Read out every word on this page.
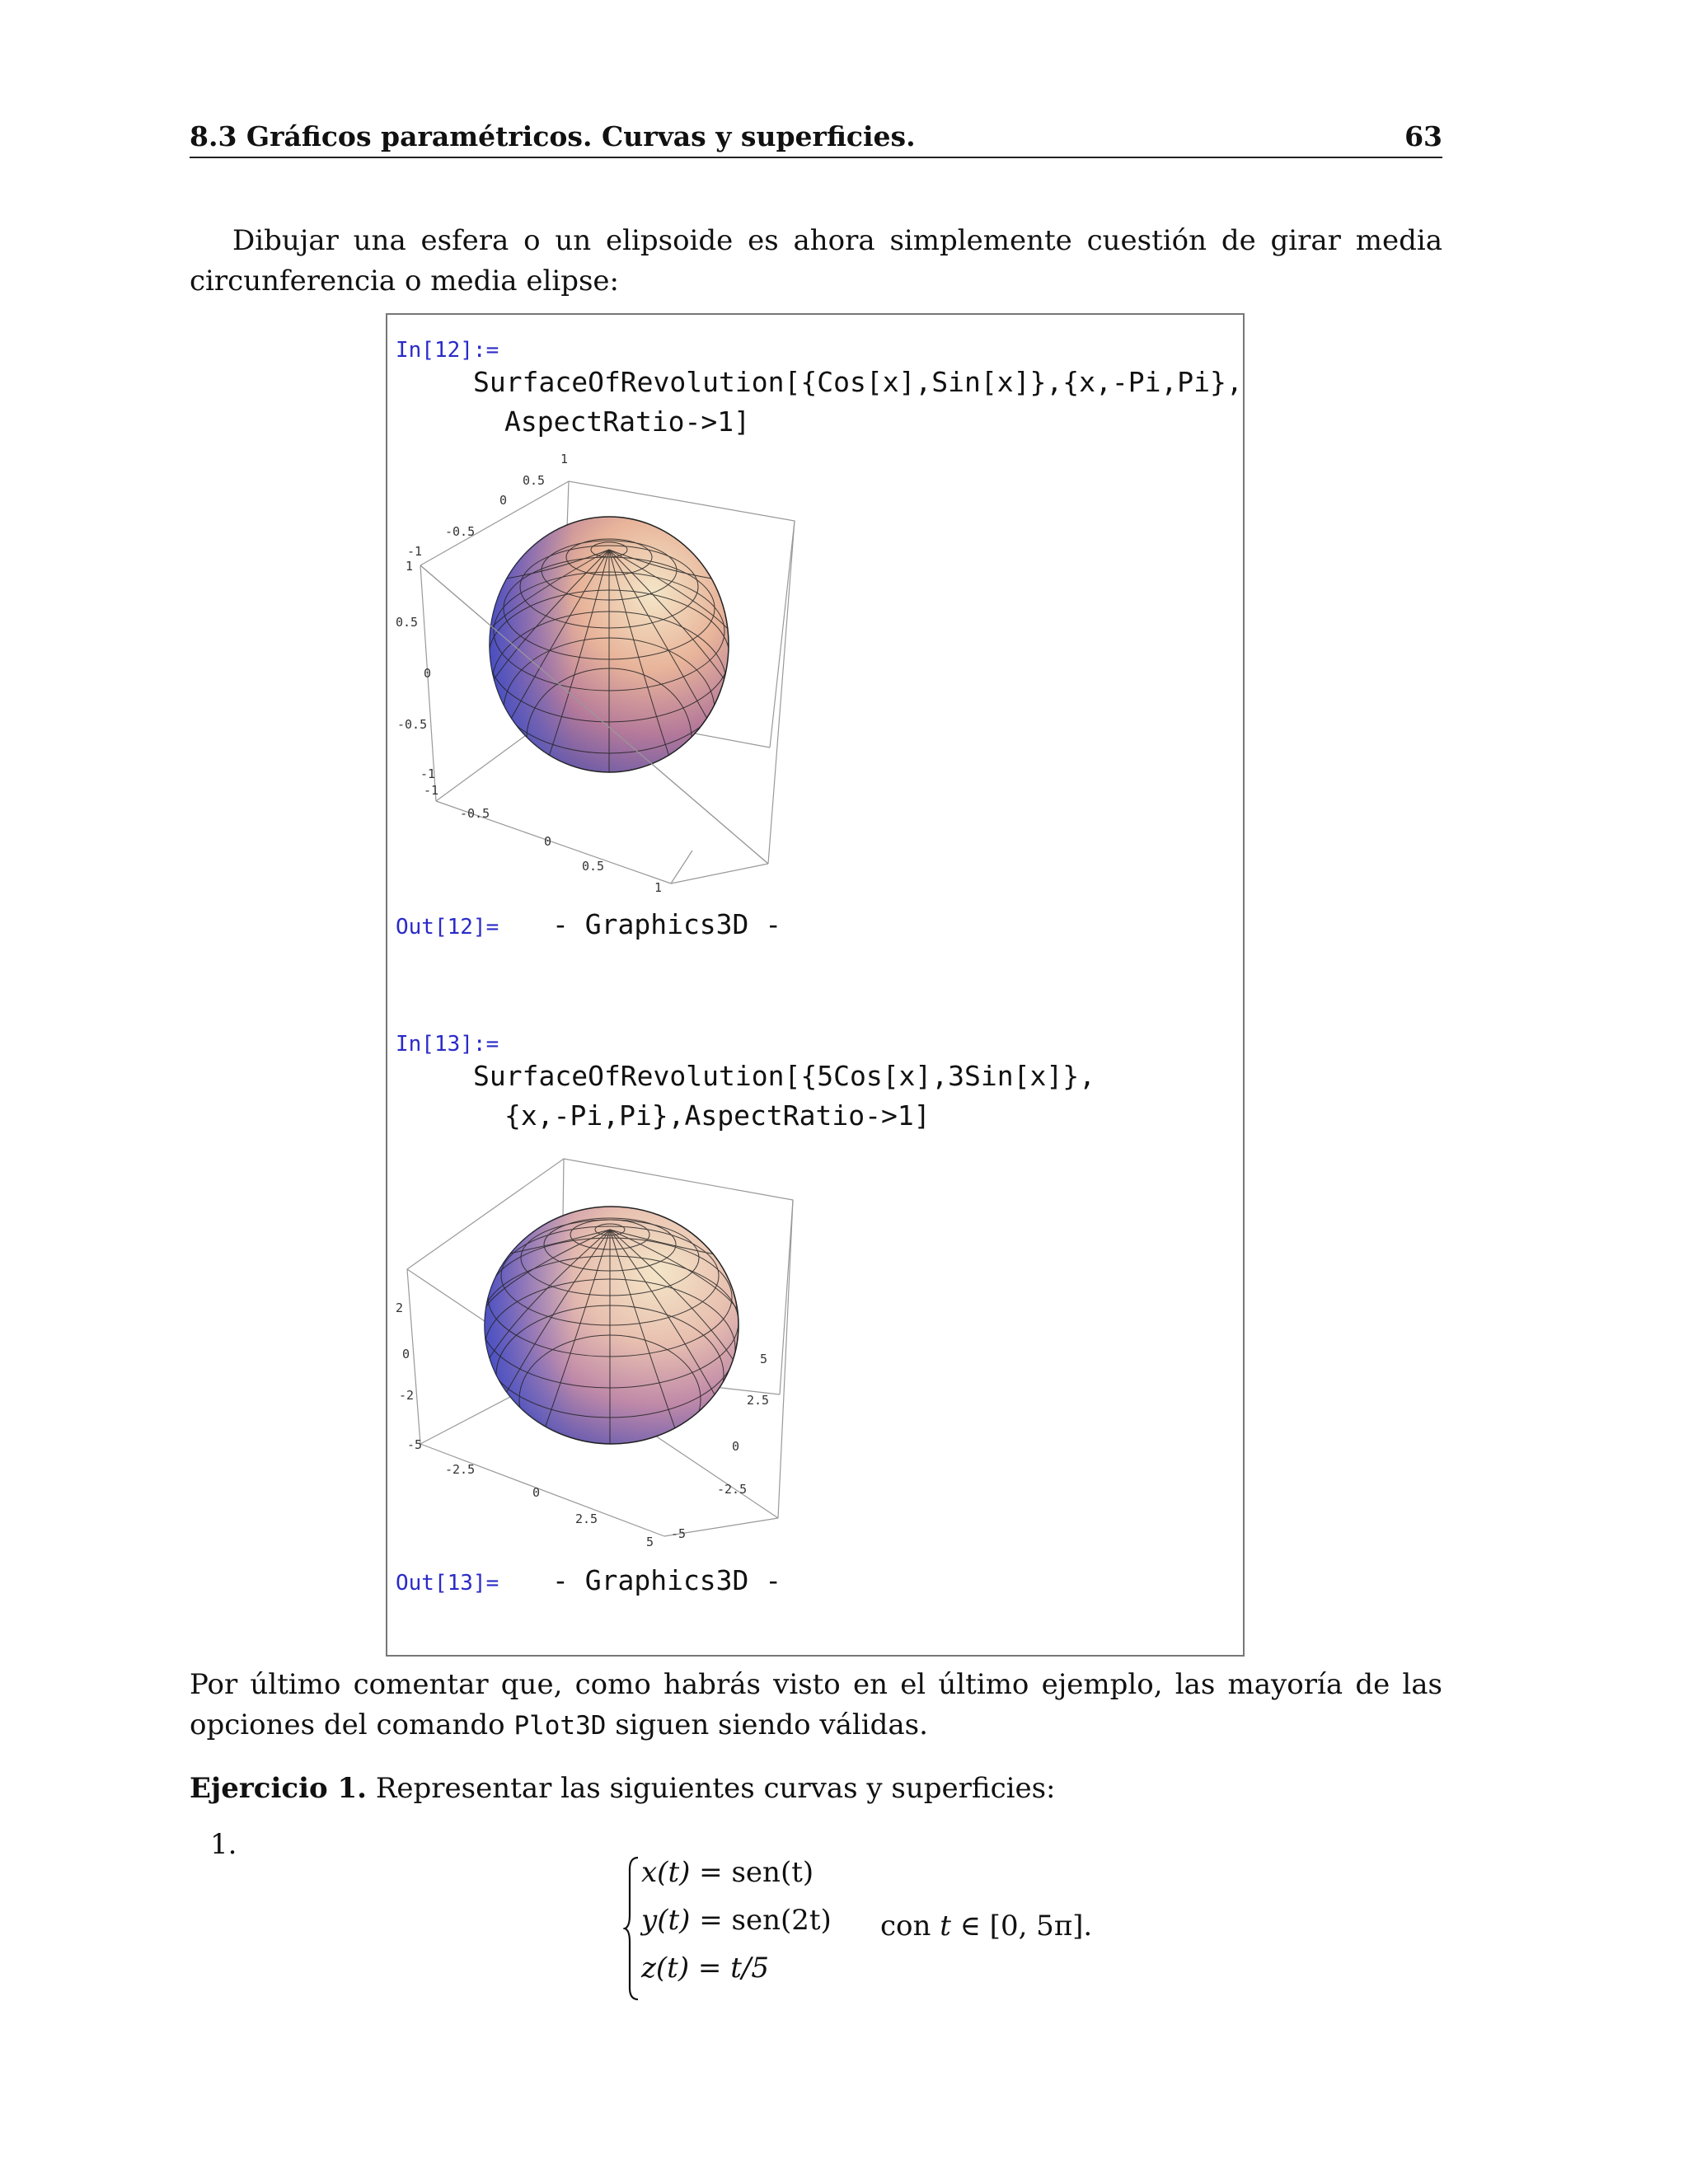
8.3 Gráficos paramétricos. Curvas y superficies.	63
Dibujar una esfera o un elipsoide es ahora simplemente cuestión de girar media circunferencia o media elipse:
In[12]:=
SurfaceOfRevolution[{Cos[x],Sin[x]},{x,-Pi,Pi},
AspectRatio->1]
1
0.5
0
-0.5
-1
1
0.5
0
-0.5
-1
-1
-0.5
0
0.5
1
Out[12]= - Graphics3D -
In[13]:=
SurfaceOfRevolution[{5Cos[x],3Sin[x]},
{x,-Pi,Pi},AspectRatio->1]
2
0
-2
-5
-2.5
0
2.5
5
5
2.5
0
-2.5
-5
Out[13]= - Graphics3D -
Por último comentar que, como habrás visto en el último ejemplo, las mayoría de las opciones del comando Plot3D siguen siendo válidas.
Ejercicio 1. Representar las siguientes curvas y superficies:
1.
x(t) = sen(t)
y(t) = sen(2t)
z(t) = t/5
con t ∈ [0, 5π].
